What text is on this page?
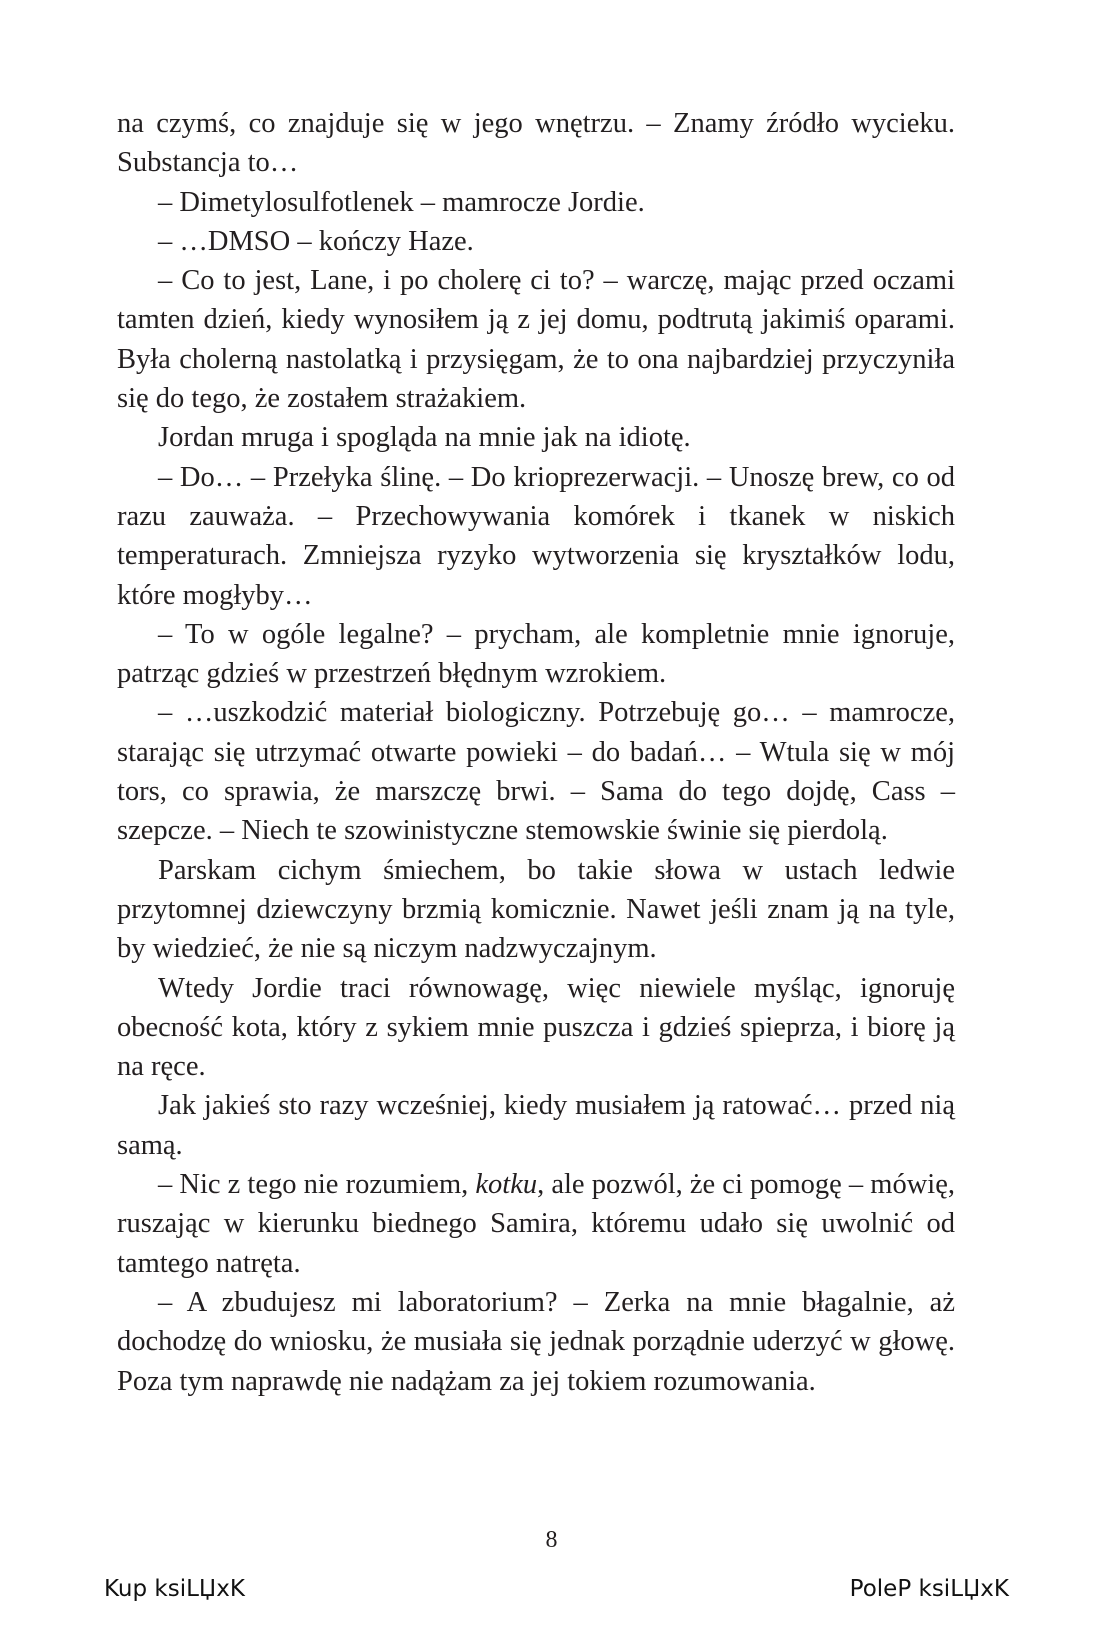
na czymś, co znajduje się w jego wnętrzu. – Znamy źródło wycieku. Substancja to…

– Dimetylosulfotlenek – mamrocze Jordie.

– …DMSO – kończy Haze.

– Co to jest, Lane, i po cholerę ci to? – warczę, mając przed oczami tamten dzień, kiedy wynosiłem ją z jej domu, podtrutą jakimiś oparami. Była cholerną nastolatką i przysięgam, że to ona najbardziej przyczyniła się do tego, że zostałem strażakiem.

Jordan mruga i spogląda na mnie jak na idiotę.

– Do… – Przełyka ślinę. – Do krioprezerwacji. – Unoszę brew, co od razu zauważa. – Przechowywania komórek i tkanek w niskich temperaturach. Zmniejsza ryzyko wytworzenia się kryształków lodu, które mogłyby…

– To w ogóle legalne? – prycham, ale kompletnie mnie ignoruje, patrząc gdzieś w przestrzeń błędnym wzrokiem.

– …uszkodzić materiał biologiczny. Potrzebuję go… – mamrocze, starając się utrzymać otwarte powieki – do badań… – Wtula się w mój tors, co sprawia, że marszczę brwi. – Sama do tego dojdę, Cass – szepcze. – Niech te szowinistyczne stemowskie świnie się pierdolą.

Parskam cichym śmiechem, bo takie słowa w ustach ledwie przytomnej dziewczyny brzmią komicznie. Nawet jeśli znam ją na tyle, by wiedzieć, że nie są niczym nadzwyczajnym.

Wtedy Jordie traci równowagę, więc niewiele myśląc, ignoruję obecność kota, który z sykiem mnie puszcza i gdzieś spieprza, i biorę ją na ręce.

Jak jakieś sto razy wcześniej, kiedy musiałem ją ratować… przed nią samą.

– Nic z tego nie rozumiem, kotku, ale pozwól, że ci pomogę – mówię, ruszając w kierunku biednego Samira, któremu udało się uwolnić od tamtego natręta.

– A zbudujesz mi laboratorium? – Zerka na mnie błagalnie, aż dochodzę do wniosku, że musiała się jednak porządnie uderzyć w głowę. Poza tym naprawdę nie nadążam za jej tokiem rozumowania.

8
Kup ksiLЏxK	PoleP ksiLЏxK
